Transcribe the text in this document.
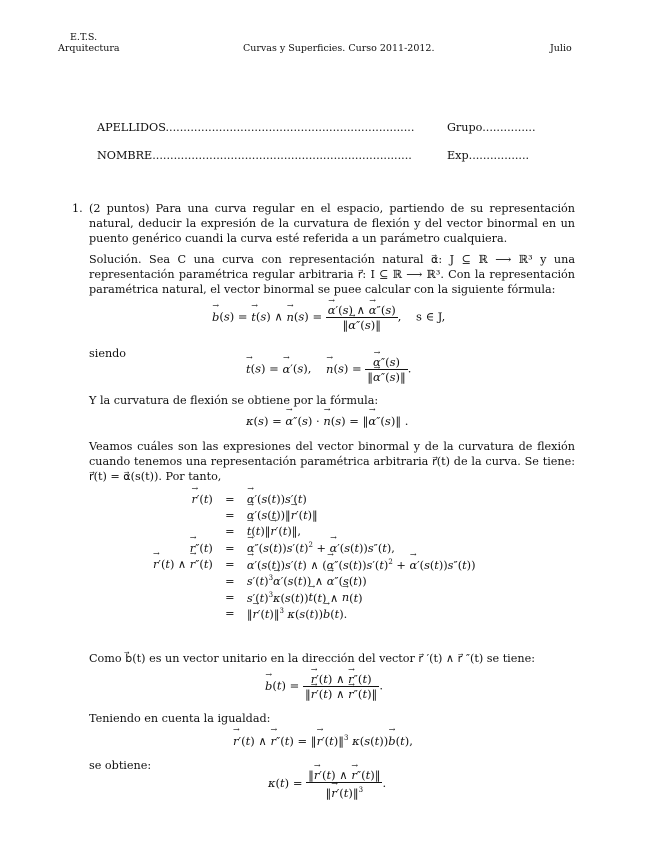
E.T.S.
Arquitectura	Curvas y Superficies. Curso 2011-2012.	Julio
APELLIDOS......................................................................	Grupo...............
NOMBRE.........................................................................	Exp.................
1. (2 puntos) Para una curva regular en el espacio, partiendo de su representación natural, deducir la expresión de la curvatura de flexión y del vector binormal en un puento genérico cuandi la curva esté referida a un parámetro cualquiera.
Solución. Sea C una curva con representación natural α⃗: J ⊆ ℝ ⟶ ℝ³ y una representación paramétrica regular arbitraria r⃗: I ⊆ ℝ ⟶ ℝ³. Con la representación paramétrica natural, el vector binormal se puee calcular con la siguiente fórmula:
→ b(s) = → t(s) ∧ → n(s) = → $\frac{\alpha'(s) \wedge \to \alpha''(s)}{‖\to \alpha''(s)‖}$ ,    s ∈ J,
siendo
→ t(s) = → α′(s),    → n(s) = → $\frac{\alpha''(s)}{‖\to \alpha''(s)‖}$ .
Y la curvatura de flexión se obtiene por la fórmula:
κ(s) = → α″(s) · → n(s) = ‖→ α″(s)‖ .
Veamos cuáles son las expresiones del vector binormal y de la curvatura de flexión cuando tenemos una representación paramétrica arbitraria r⃗(t) de la curva. Se tiene: r⃗(t) = α⃗(s(t)). Por tanto,
→ r′(t)	=	→ α′(s(t))s′(t)
	=	→ α′(s(t))‖→ r′(t)‖
	=	→ t(t)‖→ r′(t)‖,
→ r″(t)	=	→ $\alpha''(s(t))s'(t)^2$ + → α′(s(t))s″(t),
→ r′(t) ∧ → r″(t)	=	→ α′(s(t))s′(t) ∧ (→ $\alpha''(s(t))s'(t)^2$ + → α′(s(t))s″(t))
	=	$s'(t)^3\to \alpha'(s(t))$ ∧ → α″(s(t))
	=	$s'(t)^3\kappa(s(t))\to t(t)$ ∧ → n(t)
	=	‖→ r′(t)‖$^3$ κ(s(t))→ b(t).
Como b⃗(t) es un vector unitario en la dirección del vector r⃗ ′(t) ∧ r⃗ ″(t) se tiene:
→ b(t) = → $\frac{r'(t) \wedge \to r''(t)}{‖\to r'(t) \wedge \to r''(t)‖}$ .
Teniendo en cuenta la igualdad:
→ r′(t) ∧ → r″(t) = ‖→ r′(t)‖$^3$ κ(s(t))→ b(t),
se obtiene:
$\kappa(t) = \frac{‖\to r'(t) \wedge \to r''(t)‖}{‖\to r'(t)‖^3}$ .
